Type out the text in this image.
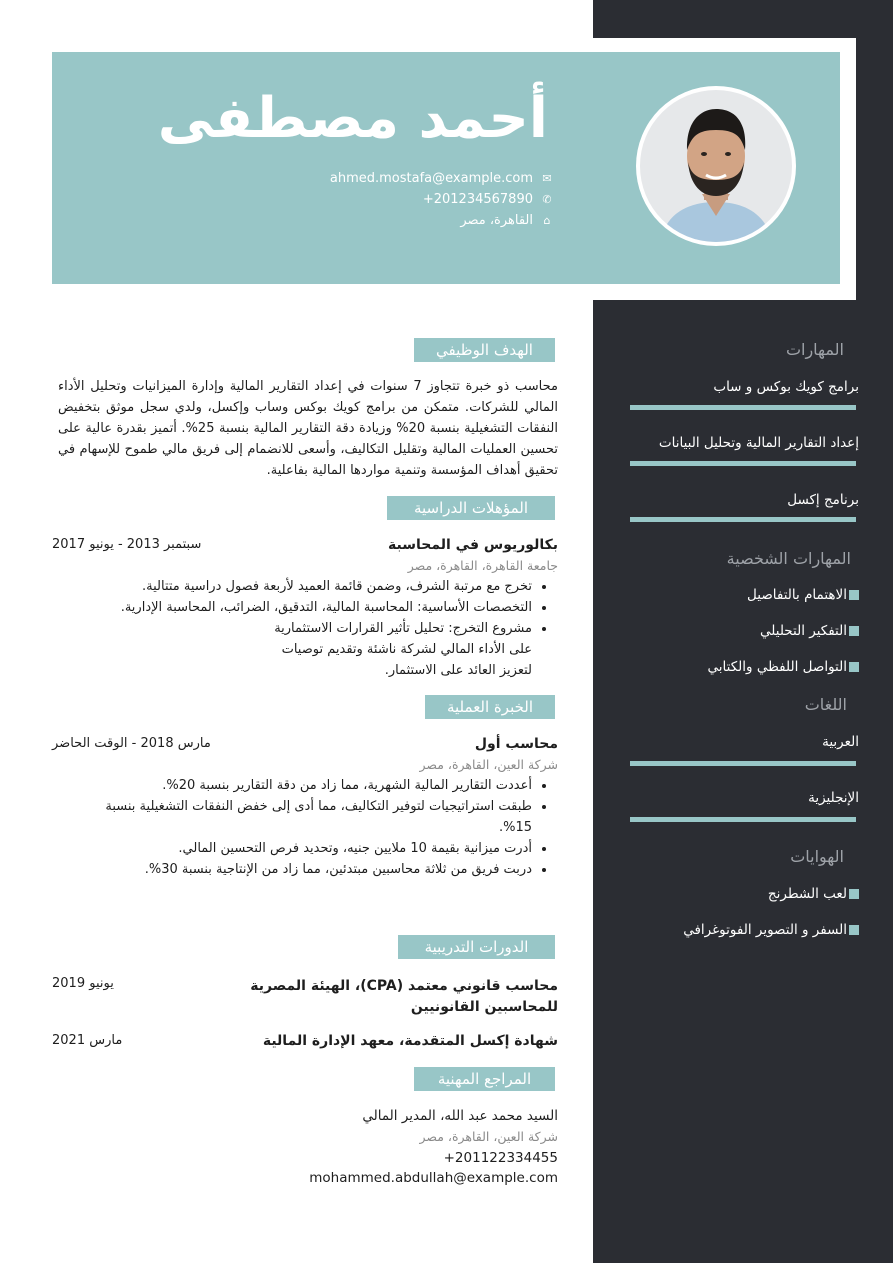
أحمد مصطفى
✉ahmed.mostafa@example.com
✆+201234567890
⌂القاهرة، مصر
الهدف الوظيفي
محاسب ذو خبرة تتجاوز 7 سنوات في إعداد التقارير المالية وإدارة الميزانيات وتحليل الأداء المالي للشركات. متمكن من برامج كويك بوكس وساب وإكسل، ولدي سجل موثق بتخفيض النفقات التشغيلية بنسبة 20% وزيادة دقة التقارير المالية بنسبة 25%. أتميز بقدرة عالية على تحسين العمليات المالية وتقليل التكاليف، وأسعى للانضمام إلى فريق مالي طموح للإسهام في تحقيق أهداف المؤسسة وتنمية مواردها المالية بفاعلية.
المؤهلات الدراسية
بكالوريوس في المحاسبة
سبتمبر 2013 - يونيو 2017
جامعة القاهرة، القاهرة، مصر
• تخرج مع مرتبة الشرف، وضمن قائمة العميد لأربعة فصول دراسية متتالية.
• التخصصات الأساسية: المحاسبة المالية، التدقيق، الضرائب، المحاسبة الإدارية.
• مشروع التخرج: تحليل تأثير القرارات الاستثمارية على الأداء المالي لشركة ناشئة وتقديم توصيات لتعزيز العائد على الاستثمار.
الخبرة العملية
محاسب أول
مارس 2018 - الوقت الحاضر
شركة العين، القاهرة، مصر
• أعددت التقارير المالية الشهرية، مما زاد من دقة التقارير بنسبة 20%.
• طبقت استراتيجيات لتوفير التكاليف، مما أدى إلى خفض النفقات التشغيلية بنسبة 15%.
• أدرت ميزانية بقيمة 10 ملايين جنيه، وتحديد فرص التحسين المالي.
• دربت فريق من ثلاثة محاسبين مبتدئين، مما زاد من الإنتاجية بنسبة 30%.
الدورات التدريبية
محاسب قانوني معتمد (CPA)، الهيئة المصرية للمحاسبين القانونيين
يونيو 2019
شهادة إكسل المتقدمة، معهد الإدارة المالية
مارس 2021
المراجع المهنية
السيد محمد عبد الله، المدير المالي
شركة العين، القاهرة، مصر
+201122334455
mohammed.abdullah@example.com
المهارات
برامج كويك بوكس و ساب
إعداد التقارير المالية وتحليل البيانات
برنامج إكسل
المهارات الشخصية
الاهتمام بالتفاصيل
التفكير التحليلي
التواصل اللفظي والكتابي
اللغات
العربية
الإنجليزية
الهوايات
لعب الشطرنج
السفر و التصوير الفوتوغرافي
